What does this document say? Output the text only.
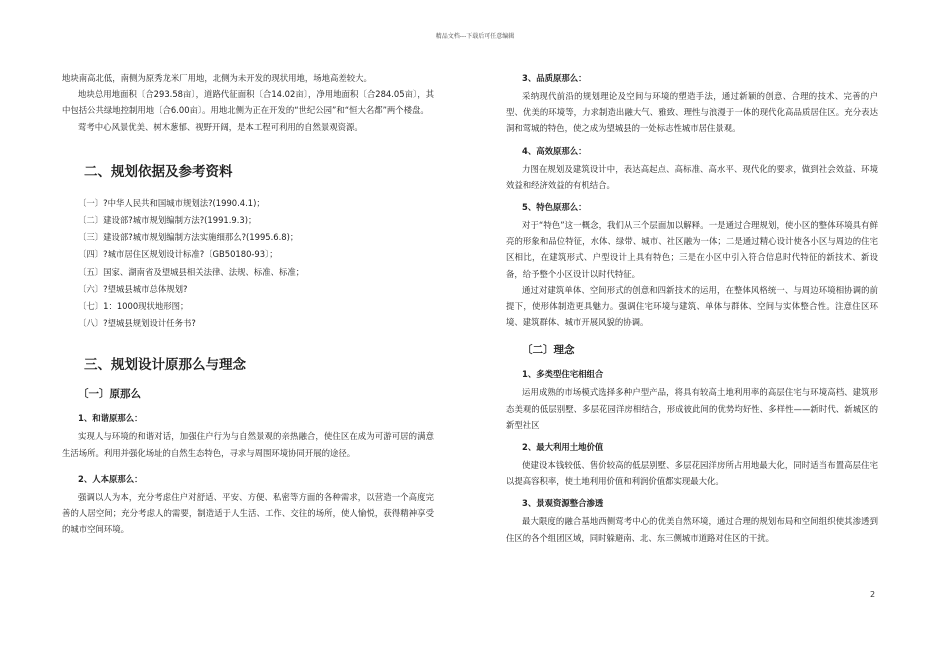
精品文档---下载后可任意编辑

地块南高北低，南侧为原秀龙米厂用地，北侧为未开发的现状用地，场地高差较大。

地块总用地面积〔合293.58亩〕，道路代征面积〔合14.02亩〕，净用地面积〔合284.05亩〕，其中包括公共绿地控制用地〔合6.00亩〕。用地北侧为正在开发的“世纪公园”和“恒大名都”两个楼盘。

莺考中心风景优美、树木葱郁、视野开阔，是本工程可利用的自然景观资源。

二、规划依据及参考资料
〔一〕?中华人民共和国城市规划法?(1990.4.1)；
〔二〕建设部?城市规划编制方法?(1991.9.3)；
〔三〕建设部?城市规划编制方法实施细那么?(1995.6.8)；
〔四〕?城市居住区规划设计标准?〔GB50180-93〕；
〔五〕国家、湖南省及望城县相关法律、法规、标准、标准；
〔六〕?望城县城市总体规划?
〔七〕1：1000现状地形图；
〔八〕?望城县规划设计任务书?
三、规划设计原那么与理念
〔一〕原那么
1、和谐原那么：

实现人与环境的和谐对话，加强住户行为与自然景观的亲热融合，使住区在成为可游可居的满意生活场所。利用并强化场址的自然生态特色，寻求与周围环境协同开展的途径。

2、人本原那么：

强调以人为本，充分考虑住户对舒适、平安、方便、私密等方面的各种需求，以营造一个高度完善的人居空间；充分考虑人的需要，制造适于人生活、工作、交往的场所，使人愉悦，获得精神享受的城市空间环境。

3、品质原那么：

采纳现代前沿的规划理论及空间与环境的塑造手法，通过新颖的创意、合理的技术、完善的户型、优美的环境等，力求制造出融大气、雅致、理性与浪漫于一体的现代化高品质居住区。充分表达洞和莺城的特色，使之成为望城县的一处标志性城市居住景观。

4、高效原那么：

力图在规划及建筑设计中，表达高起点、高标准、高水平、现代化的要求，做到社会效益、环境效益和经济效益的有机结合。

5、特色原那么：

对于“特色”这一概念，我们从三个层面加以解释。一是通过合理规划，使小区的整体环境具有鲜亮的形象和品位特征，水体、绿带、城市、社区融为一体；二是通过精心设计使各小区与周边的住宅区相比，在建筑形式、户型设计上具有特色；三是在小区中引入符合信息时代特征的新技术、新设备，给予整个小区设计以时代特征。

通过对建筑单体、空间形式的创意和四新技术的运用，在整体风格统一、与周边环境相协调的前提下，使形体制造更具魅力。强调住宅环境与建筑、单体与群体、空间与实体整合性。注意住区环境、建筑群体、城市开展风貌的协调。

〔二〕理念
1、多类型住宅相组合

运用成熟的市场模式选择多种户型产品，将具有较高土地利用率的高层住宅与环境高档、建筑形态美观的低层别墅、多层花园洋房相结合，形成彼此间的优势均好性、多样性——新时代、新城区的新型社区

2、最大利用土地价值

使建设本钱较低、售价较高的低层别墅、多层花园洋房所占用地最大化，同时适当布置高层住宅以提高容积率，使土地利用价值和利润价值都实现最大化。

3、景观资源整合渗透

最大限度的融合基地西侧莺考中心的优美自然环境，通过合理的规划布局和空间组织使其渗透到住区的各个组团区域，同时躲避南、北、东三侧城市道路对住区的干扰。

2
